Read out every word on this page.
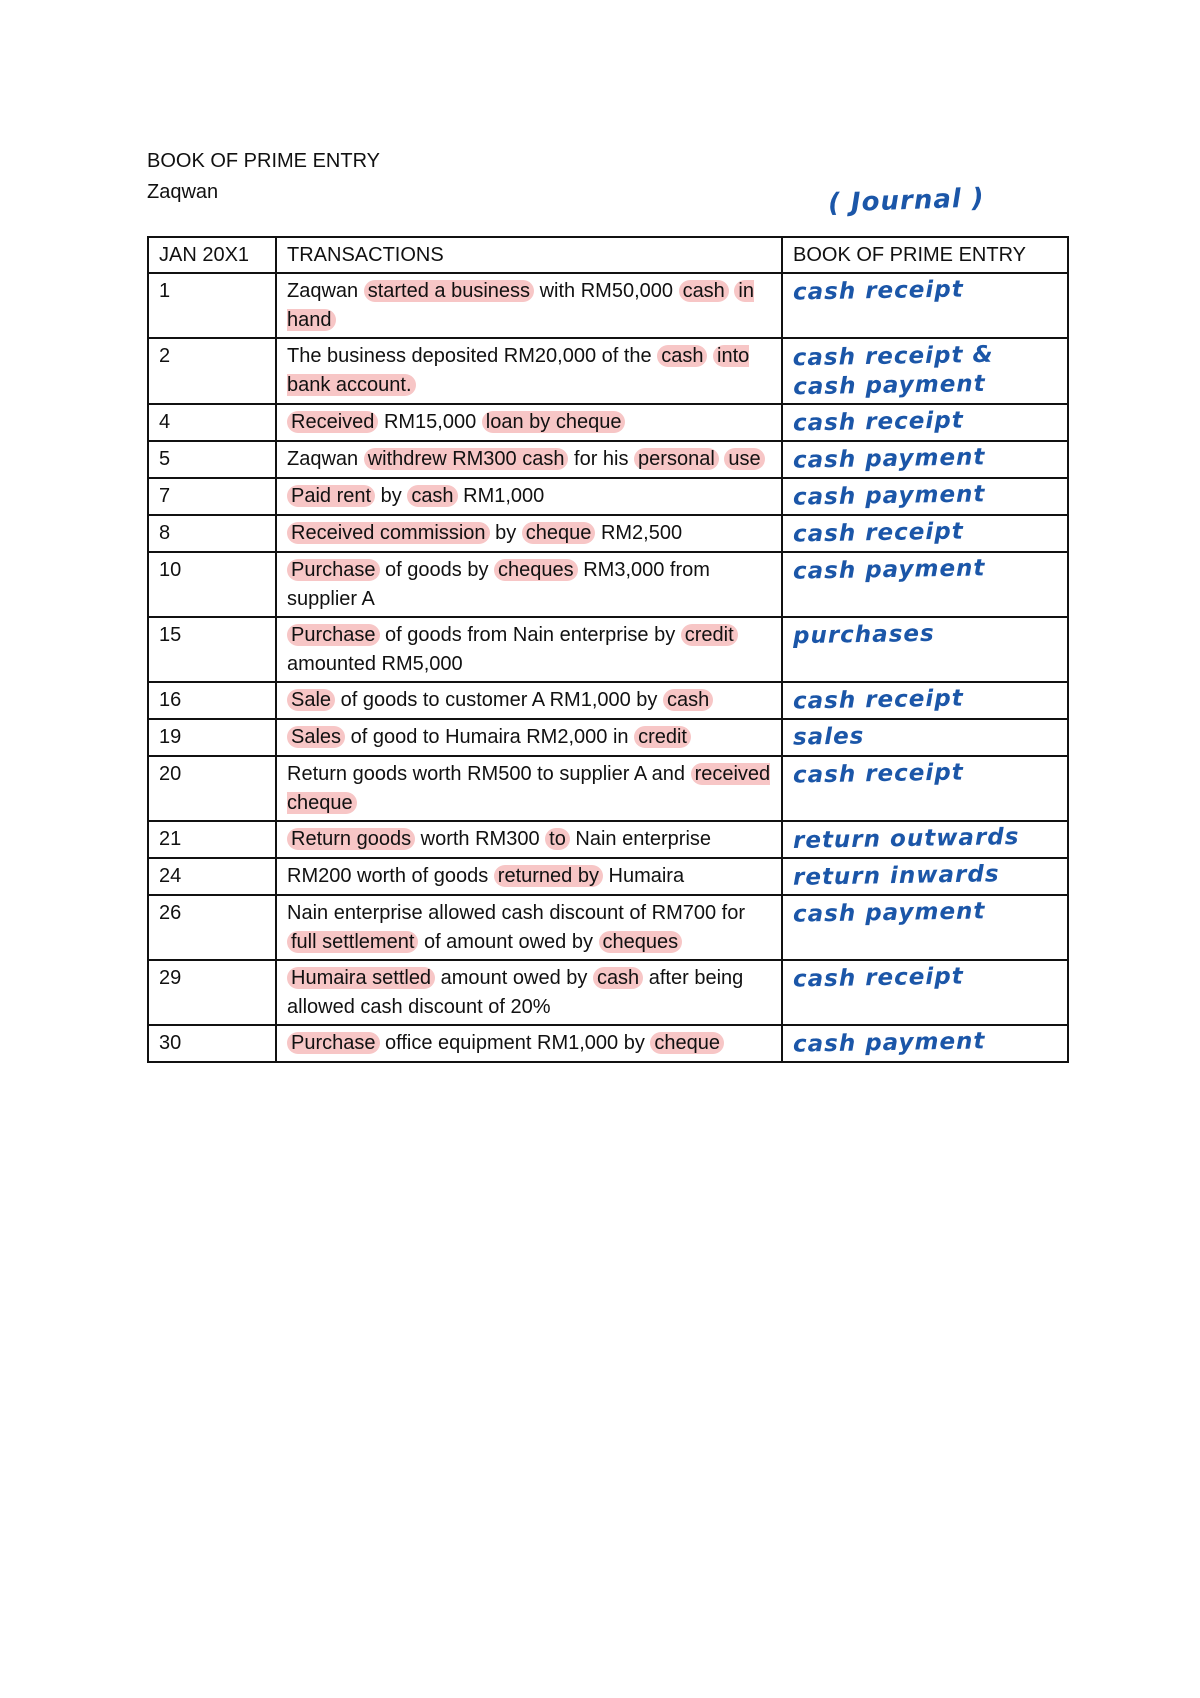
BOOK OF PRIME ENTRY
Zaqwan	( Journal )
JAN 20X1	TRANSACTIONS	BOOK OF PRIME ENTRY
1	Zaqwan started a business with RM50,000 cash in hand	cash receipt
2	The business deposited RM20,000 of the cash into bank account.	cash receipt & cash payment
4	Received RM15,000 loan by cheque	cash receipt
5	Zaqwan withdrew RM300 cash for his personal use	cash payment
7	Paid rent by cash RM1,000	cash payment
8	Received commission by cheque RM2,500	cash receipt
10	Purchase of goods by cheques RM3,000 from supplier A	cash payment
15	Purchase of goods from Nain enterprise by credit amounted RM5,000	purchases
16	Sale of goods to customer A RM1,000 by cash	cash receipt
19	Sales of good to Humaira RM2,000 in credit	sales
20	Return goods worth RM500 to supplier A and received cheque	cash receipt
21	Return goods worth RM300 to Nain enterprise	return outwards
24	RM200 worth of goods returned by Humaira	return inwards
26	Nain enterprise allowed cash discount of RM700 for full settlement of amount owed by cheques	cash payment
29	Humaira settled amount owed by cash after being allowed cash discount of 20%	cash receipt
30	Purchase office equipment RM1,000 by cheque	cash payment
